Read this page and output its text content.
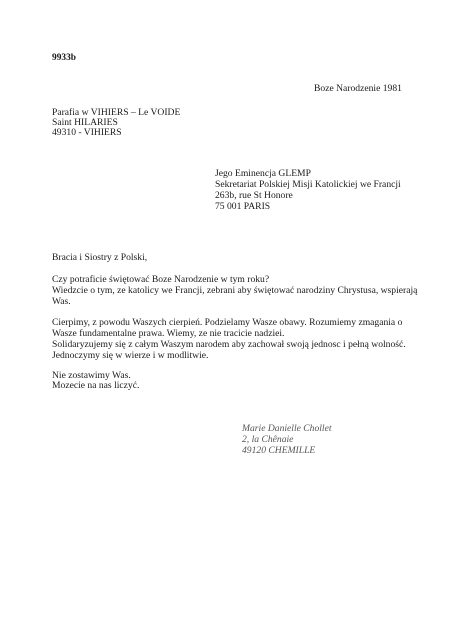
9933b
Boze Narodzenie 1981
Parafia w VIHIERS – Le VOIDE
Saint HILARIES
49310 - VIHIERS
Jego Eminencja GLEMP
Sekretariat Polskiej Misji Katolickiej we Francji
263b, rue St Honore
75 001 PARIS
Bracia i Siostry z Polski,
Czy potraficie świętować Boze Narodzenie w tym roku?
Wiedzcie o tym, ze katolicy we Francji, zebrani aby świętować narodziny Chrystusa, wspierają
Was.
Cierpimy, z powodu Waszych cierpień. Podzielamy Wasze obawy. Rozumiemy zmagania o
Wasze fundamentalne prawa. Wiemy, ze nie tracicie nadziei.
Solidaryzujemy się z całym Waszym narodem aby zachował swoją jednosc i pełną wolność.
Jednoczymy się w wierze i w modlitwie.
Nie zostawimy Was.
Mozecie na nas liczyć.
Marie Danielle Chollet
2, la Chênaie
49120 CHEMILLE
